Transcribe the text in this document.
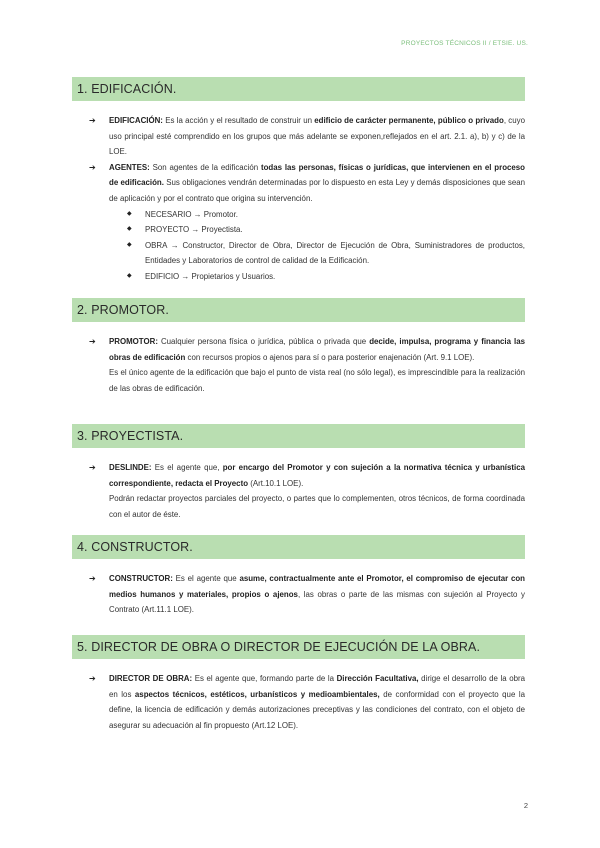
PROYECTOS TÉCNICOS II / ETSIE. US.
1. EDIFICACIÓN.
➔ EDIFICACIÓN: Es la acción y el resultado de construir un edificio de carácter permanente, público o privado, cuyo uso principal esté comprendido en los grupos que más adelante se exponen,reflejados en el art. 2.1. a), b) y c) de la LOE.
➔ AGENTES: Son agentes de la edificación todas las personas, físicas o jurídicas, que intervienen en el proceso de edificación. Sus obligaciones vendrán determinadas por lo dispuesto en esta Ley y demás disposiciones que sean de aplicación y por el contrato que origina su intervención.
◆ NECESARIO → Promotor.
◆ PROYECTO → Proyectista.
◆ OBRA → Constructor, Director de Obra, Director de Ejecución de Obra, Suministradores de productos, Entidades y Laboratorios de control de calidad de la Edificación.
◆ EDIFICIO → Propietarios y Usuarios.
2. PROMOTOR.
➔ PROMOTOR: Cualquier persona física o jurídica, pública o privada que decide, impulsa, programa y financia las obras de edificación con recursos propios o ajenos para sí o para posterior enajenación (Art. 9.1 LOE).
Es el único agente de la edificación que bajo el punto de vista real (no sólo legal), es imprescindible para la realización de las obras de edificación.
3. PROYECTISTA.
➔ DESLINDE: Es el agente que, por encargo del Promotor y con sujeción a la normativa técnica y urbanística correspondiente, redacta el Proyecto (Art.10.1 LOE).
Podrán redactar proyectos parciales del proyecto, o partes que lo complementen, otros técnicos, de forma coordinada con el autor de éste.
4. CONSTRUCTOR.
➔ CONSTRUCTOR: Es el agente que asume, contractualmente ante el Promotor, el compromiso de ejecutar con medios humanos y materiales, propios o ajenos, las obras o parte de las mismas con sujeción al Proyecto y Contrato (Art.11.1 LOE).
5. DIRECTOR DE OBRA O DIRECTOR DE EJECUCIÓN DE LA OBRA.
➔ DIRECTOR DE OBRA: Es el agente que, formando parte de la Dirección Facultativa, dirige el desarrollo de la obra en los aspectos técnicos, estéticos, urbanísticos y medioambientales, de conformidad con el proyecto que la define, la licencia de edificación y demás autorizaciones preceptivas y las condiciones del contrato, con el objeto de asegurar su adecuación al fin propuesto (Art.12 LOE).
2
